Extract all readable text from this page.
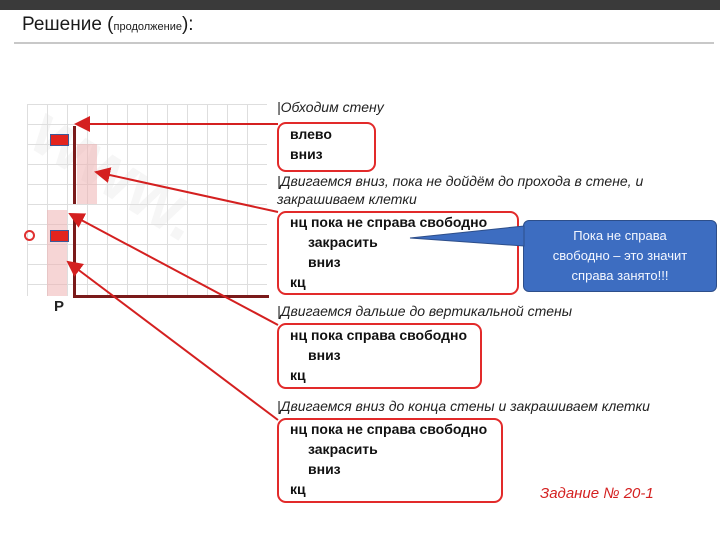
Решение (продолжение):
Р
|Обходим стену
влево
вниз
|Двигаемся вниз, пока не дойдём до прохода в стене, и
закрашиваем клетки
нц пока не справа свободно
закрасить
вниз
кц
Пока не справа
свободно – это значит
справа занято!!!
|Двигаемся дальше до вертикальной стены
нц пока справа свободно
вниз
кц
|Двигаемся вниз до конца стены и закрашиваем клетки
нц пока не справа свободно
закрасить
вниз
кц	Задание № 20-1
